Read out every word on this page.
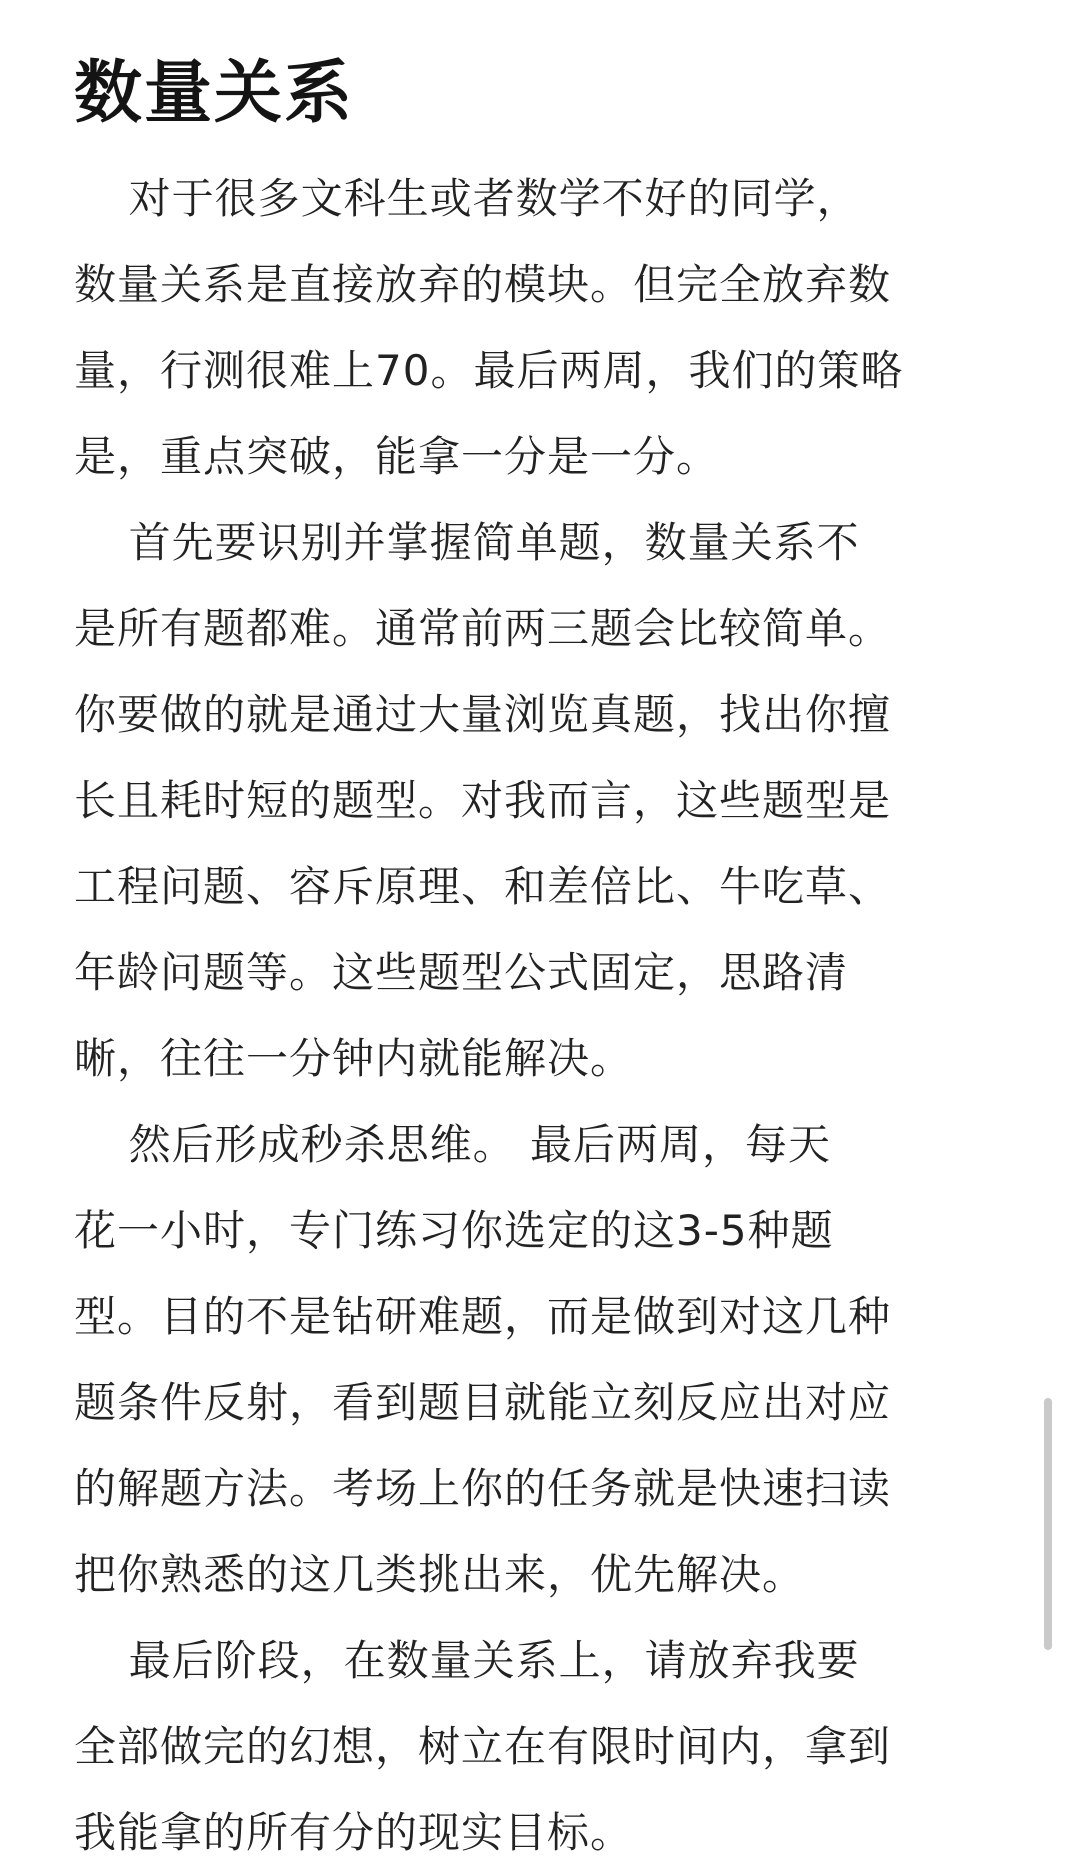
数量关系

对于很多文科生或者数学不好的同学，
数量关系是直接放弃的模块。但完全放弃数
量，行测很难上70。最后两周，我们的策略
是，重点突破，能拿一分是一分。

首先要识别并掌握简单题，数量关系不
是所有题都难。通常前两三题会比较简单。
你要做的就是通过大量浏览真题，找出你擅
长且耗时短的题型。对我而言，这些题型是
工程问题、容斥原理、和差倍比、牛吃草、
年龄问题等。这些题型公式固定，思路清
晰，往往一分钟内就能解决。

然后形成秒杀思维。 最后两周，每天
花一小时，专门练习你选定的这3-5种题
型。目的不是钻研难题，而是做到对这几种
题条件反射，看到题目就能立刻反应出对应
的解题方法。考场上你的任务就是快速扫读
把你熟悉的这几类挑出来，优先解决。

最后阶段，在数量关系上，请放弃我要
全部做完的幻想，树立在有限时间内，拿到
我能拿的所有分的现实目标。
